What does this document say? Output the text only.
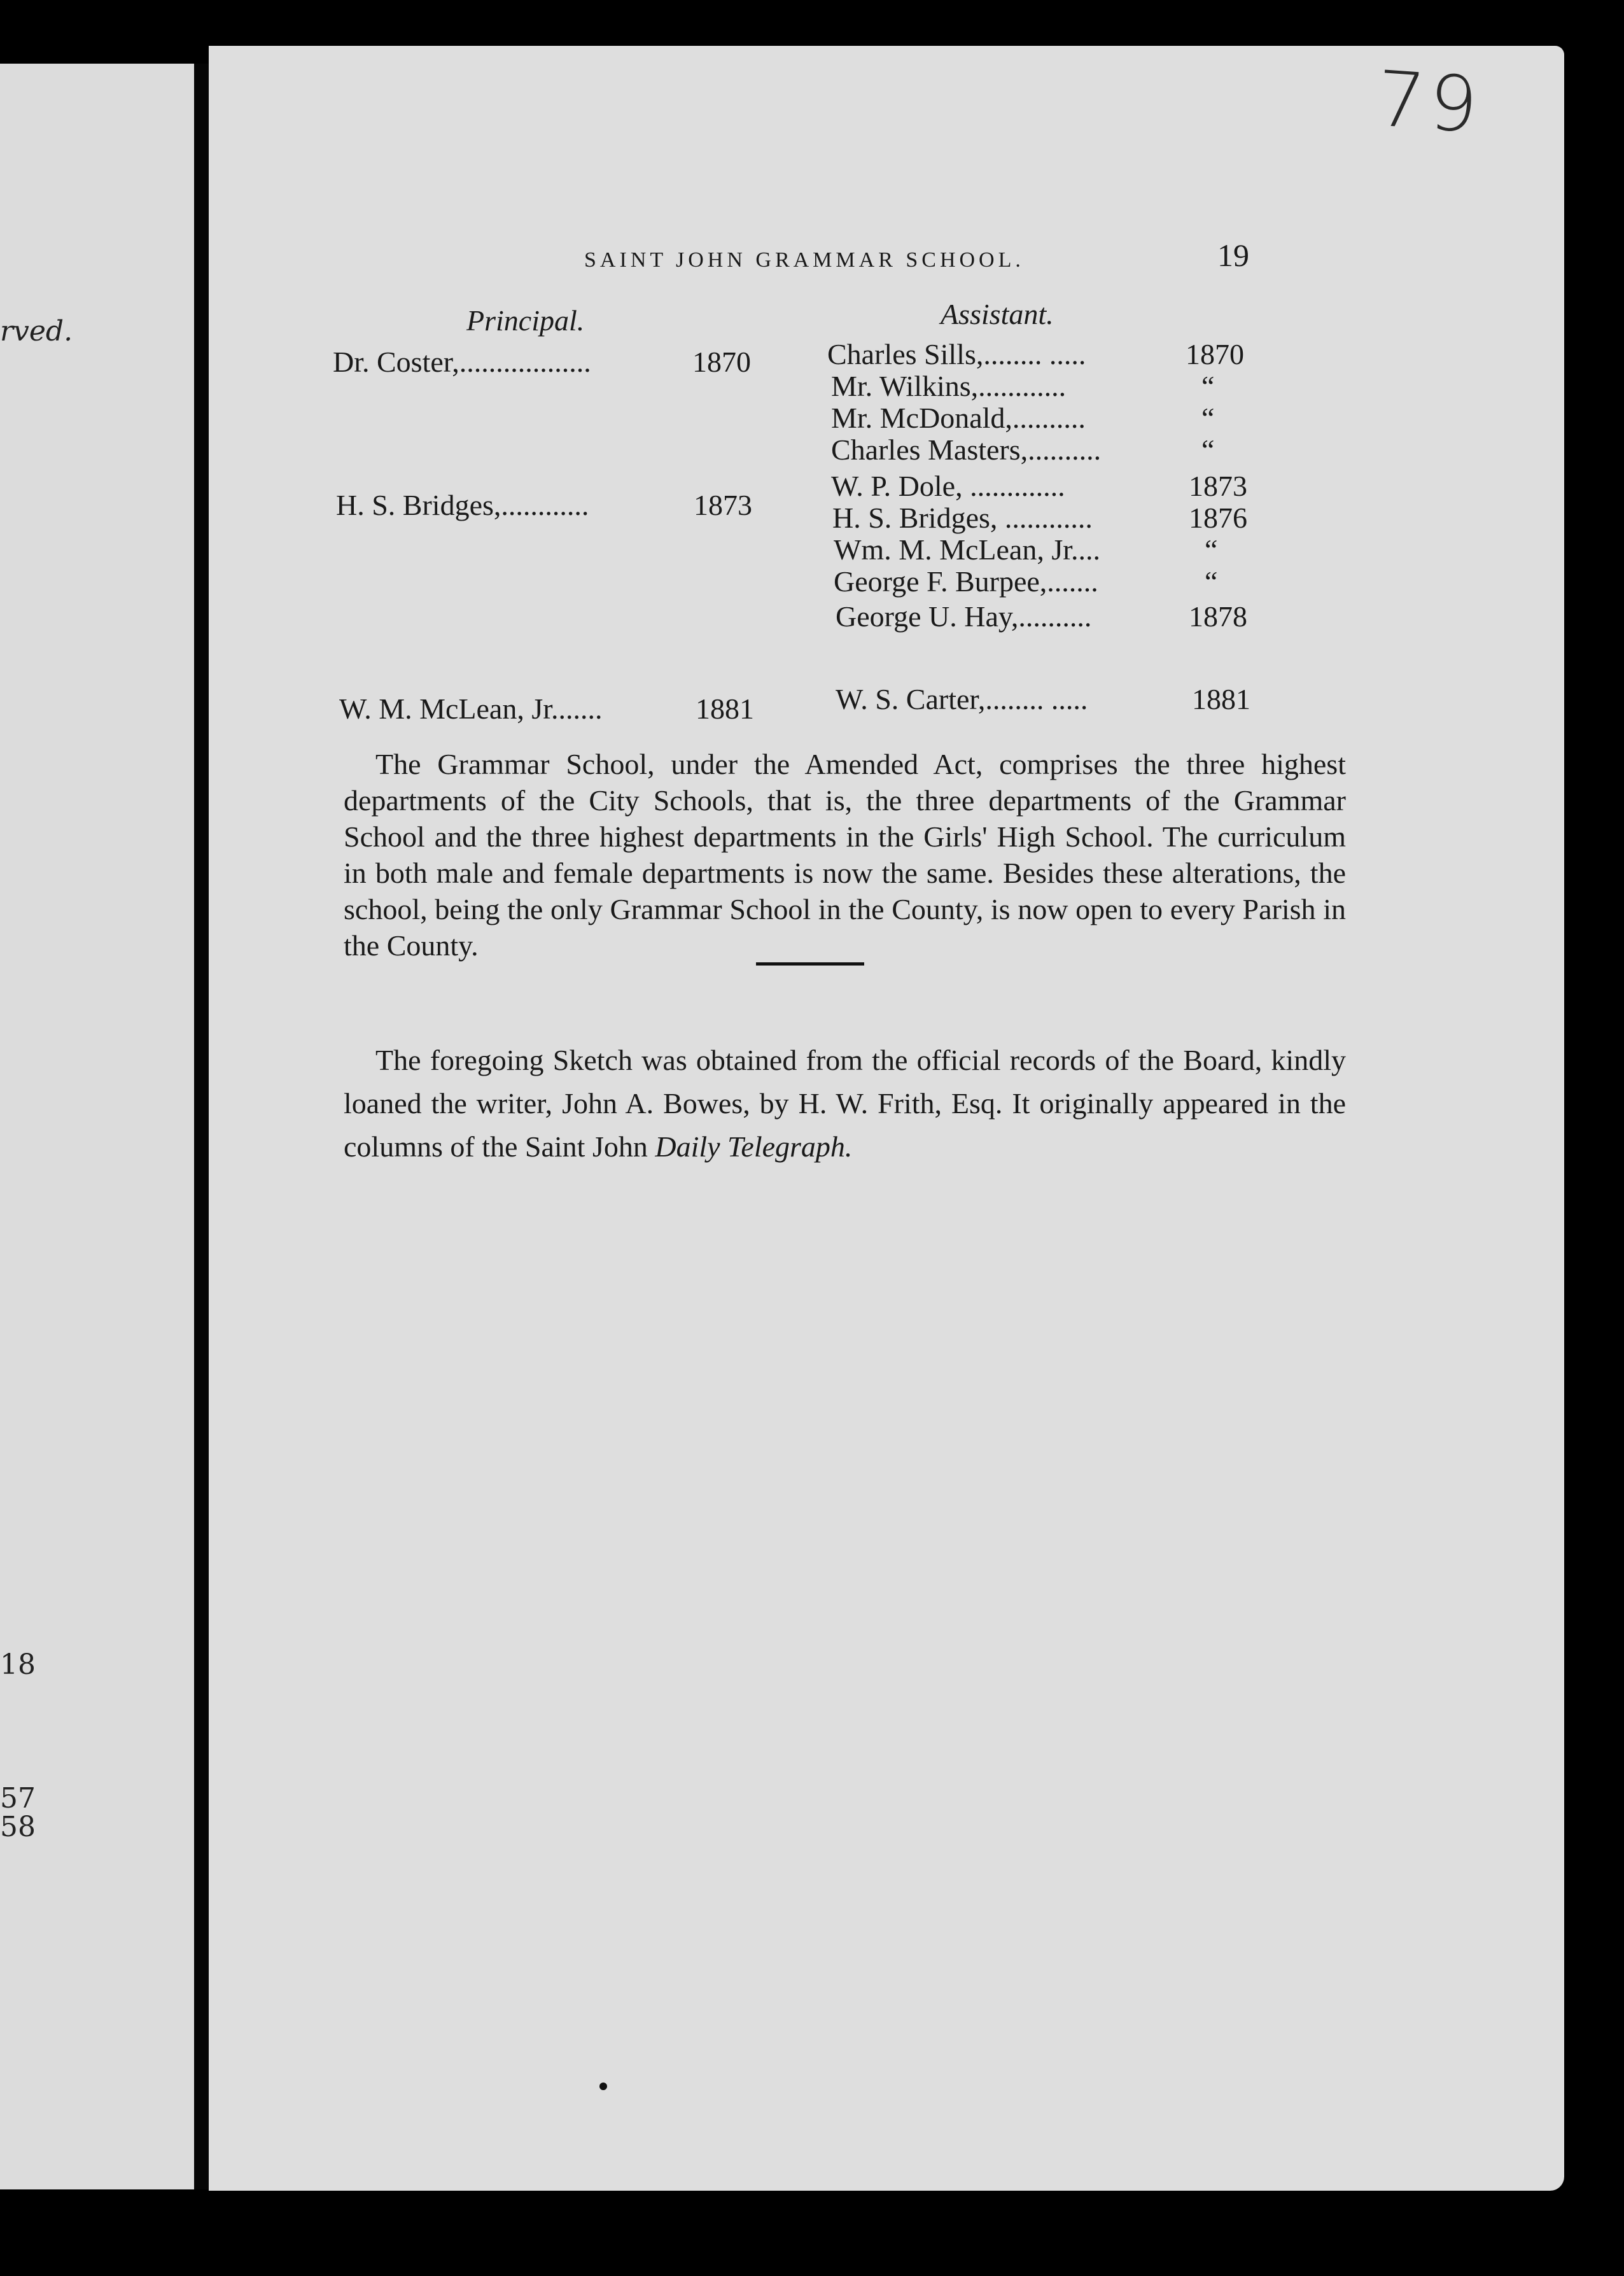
rved.
18
57
58
79
SAINT JOHN GRAMMAR SCHOOL.	19
Principal.	Assistant.
Dr. Coster,..................	1870
H. S. Bridges,............	1873
W. M. McLean, Jr.......	1881
Charles Sills,........ .....	1870
Mr. Wilkins,............	“
Mr. McDonald,..........	“
Charles Masters,..........	“
W. P. Dole, .............	1873
H. S. Bridges, ............	1876
Wm. M. McLean, Jr....	“
George F. Burpee,.......	“
George U. Hay,..........	1878
W. S. Carter,........ .....	1881
The Grammar School, under the Amended Act, comprises the three highest departments of the City Schools, that is, the three departments of the Grammar School and the three highest departments in the Girls' High School. The curriculum in both male and female departments is now the same. Besides these alterations, the school, being the only Grammar School in the County, is now open to every Parish in the County.
The foregoing Sketch was obtained from the official records of the Board, kindly loaned the writer, John A. Bowes, by H. W. Frith, Esq. It originally appeared in the columns of the Saint John Daily Telegraph.
